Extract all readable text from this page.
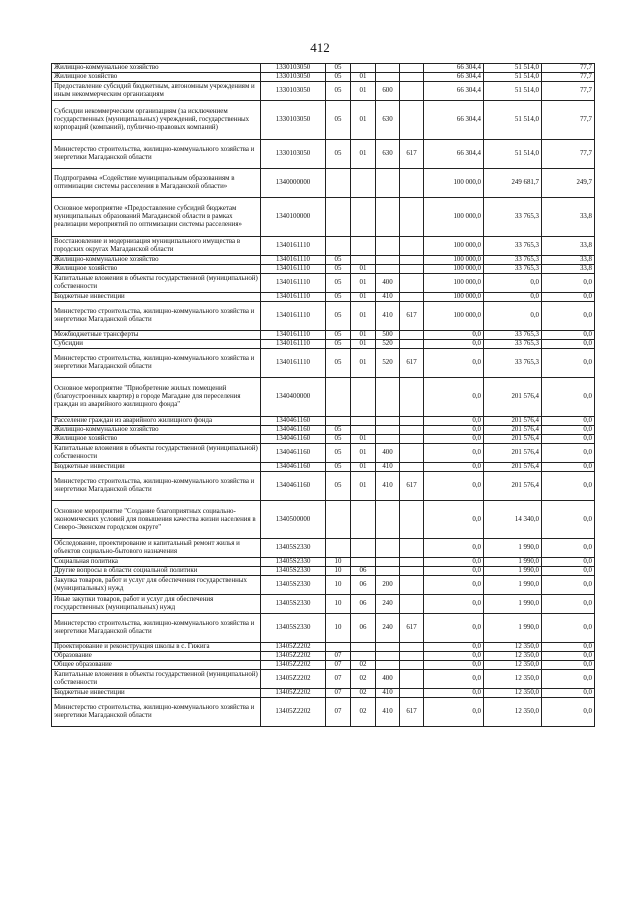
412
Жилищно-коммунальное хозяйство	1330103050	05				66 304,4	51 514,0	77,7
Жилищное хозяйство	1330103050	05	01			66 304,4	51 514,0	77,7
Предоставление субсидий бюджетным, автономным учреждениям и иным некоммерческим организациям	1330103050	05	01	600		66 304,4	51 514,0	77,7
Субсидии некоммерческим организациям (за исключением государственных (муниципальных) учреждений, государственных корпораций (компаний), публично-правовых компаний)	1330103050	05	01	630		66 304,4	51 514,0	77,7
Министерство строительства, жилищно-коммунального хозяйства и энергетики Магаданской области	1330103050	05	01	630	617	66 304,4	51 514,0	77,7
Подпрограмма «Содействие муниципальным образованиям в оптимизации системы расселения в Магаданской области»	1340000000					100 000,0	249 681,7	249,7
Основное мероприятие «Предоставление субсидий бюджетам муниципальных образований Магаданской области в рамках реализации мероприятий по оптимизации системы расселения»	1340100000					100 000,0	33 765,3	33,8
Восстановление и модернизация муниципального имущества в городских округах Магаданской области	1340161110					100 000,0	33 765,3	33,8
Жилищно-коммунальное хозяйство	1340161110	05				100 000,0	33 765,3	33,8
Жилищное хозяйство	1340161110	05	01			100 000,0	33 765,3	33,8
Капитальные вложения в объекты государственной (муниципальной) собственности	1340161110	05	01	400		100 000,0	0,0	0,0
Бюджетные инвестиции	1340161110	05	01	410		100 000,0	0,0	0,0
Министерство строительства, жилищно-коммунального хозяйства и энергетики Магаданской области	1340161110	05	01	410	617	100 000,0	0,0	0,0
Межбюджетные трансферты	1340161110	05	01	500		0,0	33 765,3	0,0
Субсидии	1340161110	05	01	520		0,0	33 765,3	0,0
Министерство строительства, жилищно-коммунального хозяйства и энергетики Магаданской области	1340161110	05	01	520	617	0,0	33 765,3	0,0
Основное мероприятие "Приобретение жилых помещений (благоустроенных квартир) в городе Магадане для переселения граждан из аварийного жилищного фонда"	1340400000					0,0	201 576,4	0,0
Расселение граждан из аварийного жилищного фонда	1340461160					0,0	201 576,4	0,0
Жилищно-коммунальное хозяйство	1340461160	05				0,0	201 576,4	0,0
Жилищное хозяйство	1340461160	05	01			0,0	201 576,4	0,0
Капитальные вложения в объекты государственной (муниципальной) собственности	1340461160	05	01	400		0,0	201 576,4	0,0
Бюджетные инвестиции	1340461160	05	01	410		0,0	201 576,4	0,0
Министерство строительства, жилищно-коммунального хозяйства и энергетики Магаданской области	1340461160	05	01	410	617	0,0	201 576,4	0,0
Основное мероприятие "Создание благоприятных социально-экономических условий для повышения качества жизни населения в Северо-Эвенском городском округе"	1340500000					0,0	14 340,0	0,0
Обследование, проектирование и капитальный ремонт жилья и объектов социально-бытового назначения	13405S2330					0,0	1 990,0	0,0
Социальная политика	13405S2330	10				0,0	1 990,0	0,0
Другие вопросы в области социальной политики	13405S2330	10	06			0,0	1 990,0	0,0
Закупка товаров, работ и услуг для обеспечения государственных (муниципальных) нужд	13405S2330	10	06	200		0,0	1 990,0	0,0
Иные закупки товаров, работ и услуг для обеспечения государственных (муниципальных) нужд	13405S2330	10	06	240		0,0	1 990,0	0,0
Министерство строительства, жилищно-коммунального хозяйства и энергетики Магаданской области	13405S2330	10	06	240	617	0,0	1 990,0	0,0
Проектирование и реконструкция школы в с. Гижига	13405Z2202					0,0	12 350,0	0,0
Образование	13405Z2202	07				0,0	12 350,0	0,0
Общее образование	13405Z2202	07	02			0,0	12 350,0	0,0
Капитальные вложения в объекты государственной (муниципальной) собственности	13405Z2202	07	02	400		0,0	12 350,0	0,0
Бюджетные инвестиции	13405Z2202	07	02	410		0,0	12 350,0	0,0
Министерство строительства, жилищно-коммунального хозяйства и энергетики Магаданской области	13405Z2202	07	02	410	617	0,0	12 350,0	0,0
